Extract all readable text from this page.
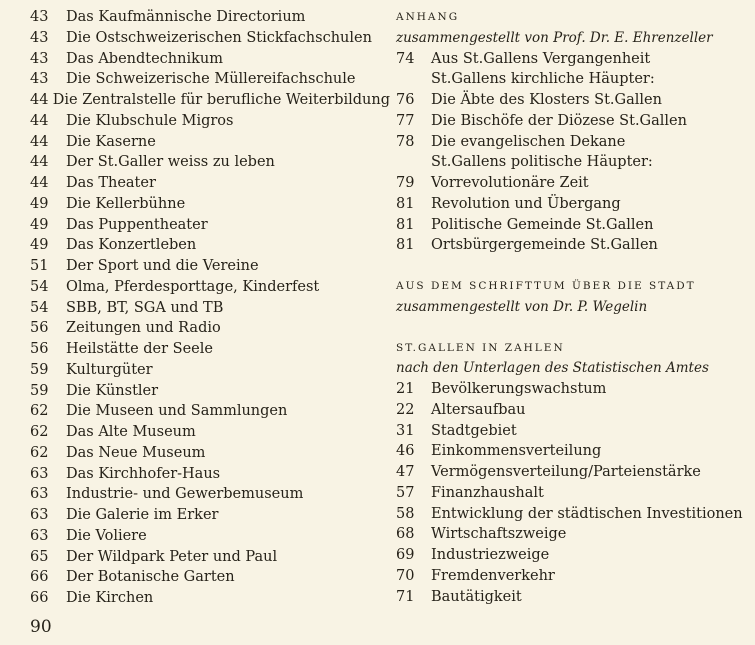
43	Das Kaufmännische Directorium
43	Die Ostschweizerischen Stickfachschulen
43	Das Abendtechnikum
43	Die Schweizerische Müllereifachschule
44 Die Zentralstelle für berufliche Weiterbildung
44	Die Klubschule Migros
44	Die Kaserne
44	Der St.Galler weiss zu leben
44	Das Theater
49	Die Kellerbühne
49	Das Puppentheater
49	Das Konzertleben
51	Der Sport und die Vereine
54	Olma, Pferdesporttage, Kinderfest
54	SBB, BT, SGA und TB
56	Zeitungen und Radio
56	Heilstätte der Seele
59	Kulturgüter
59	Die Künstler
62	Die Museen und Sammlungen
62	Das Alte Museum
62	Das Neue Museum
63	Das Kirchhofer-Haus
63	Industrie- und Gewerbemuseum
63	Die Galerie im Erker
63	Die Voliere
65	Der Wildpark Peter und Paul
66	Der Botanische Garten
66	Die Kirchen
ANHANG
zusammengestellt von Prof. Dr. E. Ehrenzeller
74	Aus St.Gallens Vergangenheit
St.Gallens kirchliche Häupter:
76	Die Äbte des Klosters St.Gallen
77	Die Bischöfe der Diözese St.Gallen
78	Die evangelischen Dekane
St.Gallens politische Häupter:
79	Vorrevolutionäre Zeit
81	Revolution und Übergang
81	Politische Gemeinde St.Gallen
81	Ortsbürgergemeinde St.Gallen
AUS DEM SCHRIFTTUM ÜBER DIE STADT
zusammengestellt von Dr. P. Wegelin
ST.GALLEN IN ZAHLEN
nach den Unterlagen des Statistischen Amtes
21	Bevölkerungswachstum
22	Altersaufbau
31	Stadtgebiet
46	Einkommensverteilung
47	Vermögensverteilung/Parteienstärke
57	Finanzhaushalt
58	Entwicklung der städtischen Investitionen
68	Wirtschaftszweige
69	Industriezweige
70	Fremdenverkehr
71	Bautätigkeit
90
